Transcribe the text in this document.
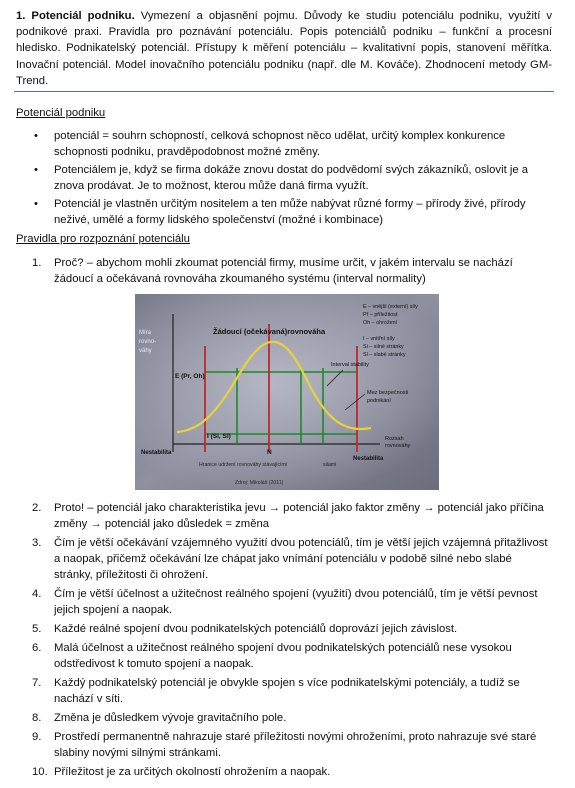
1. Potenciál podniku. Vymezení a objasnění pojmu. Důvody ke studiu potenciálu podniku, využití v podnikové praxi. Pravidla pro poznávání potenciálu. Popis potenciálů podniku – funkční a procesní hledisko. Podnikatelský potenciál. Přístupy k měření potenciálu – kvalitativní popis, stanovení měřítka. Inovační potenciál. Model inovačního potenciálu podniku (např. dle M. Kováče). Zhodnocení metody GM-Trend.
Potenciál podniku
• potenciál = souhrn schopností, celková schopnost něco udělat, určitý komplex konkurence schopnosti podniku, pravděpodobnost možné změny.
• Potenciálem je, když se firma dokáže znovu dostat do podvědomí svých zákazníků, oslovit je a znova prodávat. Je to možnost, kterou může daná firma využít.
• Potenciál je vlastněn určitým nositelem a ten může nabývat různé formy – přírody živé, přírody neživé, umělé a formy lidského společenství (možné i kombinace)
Pravidla pro rozpoznání potenciálu
1. Proč? – abychom mohli zkoumat potenciál firmy, musíme určit, v jakém intervalu se nachází žádoucí a očekávaná rovnováha zkoumaného systému (interval normality)
Žádoucí (očekávaná)rovnováha
Míra
rovno-
váhy
E (Pr, Oh)
I (Si, Sl)
N
Interval stability
Mez bezpečnosti
podnikání
Nestabilita
Nestabilita
Rozsah
rovnováhy
Hranice udržení rovnováhy stávajícími	silami
Zdroj: Mikoláš (2011)
E – vnější (externí) síly
Př – příležitost
Oh – ohrožení
I – vnitřní síly
Si – silné stránky
Sl – slabé stránky
2. Proto! – potenciál jako charakteristika jevu → potenciál jako faktor změny → potenciál jako příčina změny → potenciál jako důsledek = změna
3. Čím je větší očekávání vzájemného využití dvou potenciálů, tím je větší jejich vzájemná přitažlivost a naopak, přičemž očekávání lze chápat jako vnímání potenciálu v podobě silné nebo slabé stránky, příležitosti či ohrožení.
4. Čím je větší účelnost a užitečnost reálného spojení (využití) dvou potenciálů, tím je větší pevnost jejich spojení a naopak.
5. Každé reálné spojení dvou podnikatelských potenciálů doprovází jejich závislost.
6. Malá účelnost a užitečnost reálného spojení dvou podnikatelských potenciálů nese vysokou odstředivost k tomuto spojení a naopak.
7. Každý podnikatelský potenciál je obvykle spojen s více podnikatelskými potenciály, a tudíž se nachází v síti.
8. Změna je důsledkem vývoje gravitačního pole.
9. Prostředí permanentně nahrazuje staré příležitosti novými ohroženími, proto nahrazuje své staré slabiny novými silnými stránkami.
10. Příležitost je za určitých okolností ohrožením a naopak.
